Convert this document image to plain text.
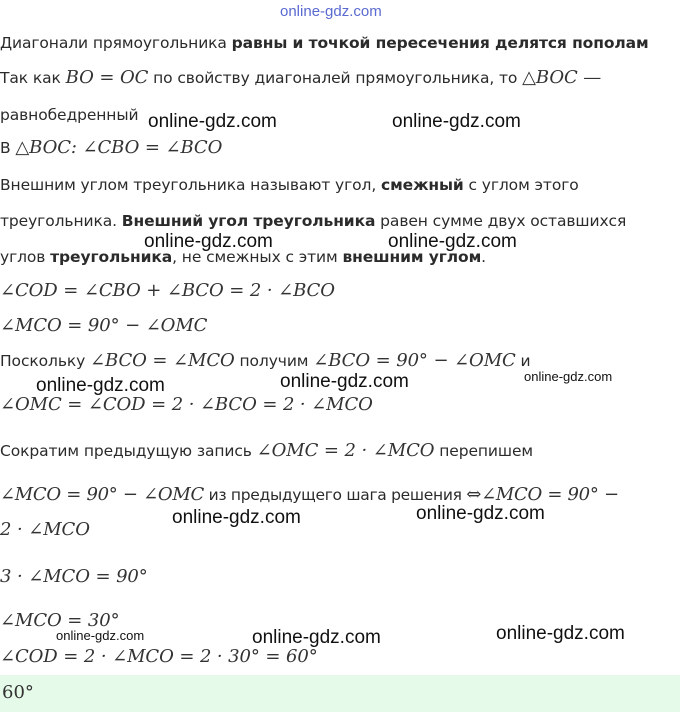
online-gdz.com
Диагонали прямоугольника равны и точкой пересечения делятся пополам
Так как BO = OC по свойству диагоналей прямоугольника, то △BOC —
равнобедренный
В △BOC: ∠CBO = ∠BCO
Внешним углом треугольника называют угол, смежный с углом этого
треугольника. Внешний угол треугольника равен сумме двух оставшихся
углов треугольника, не смежных с этим внешним углом.
∠COD = ∠CBO + ∠BCO = 2 · ∠BCO
∠MCO = 90° − ∠OMC
Поскольку ∠BCO = ∠MCO получим ∠BCO = 90° − ∠OMC и
∠OMC = ∠COD = 2 · ∠BCO = 2 · ∠MCO
Сократим предыдущую запись ∠OMC = 2 · ∠MCO перепишем
∠MCO = 90° − ∠OMC из предыдущего шага решения ⇔∠MCO = 90° −
2 · ∠MCO
3 · ∠MCO = 90°
∠MCO = 30°
∠COD = 2 · ∠MCO = 2 · 30° = 60°
60°
online-gdz.com	online-gdz.com
online-gdz.com	online-gdz.com
online-gdz.com	online-gdz.com	online-gdz.com
online-gdz.com	online-gdz.com
online-gdz.com	online-gdz.com	online-gdz.com
